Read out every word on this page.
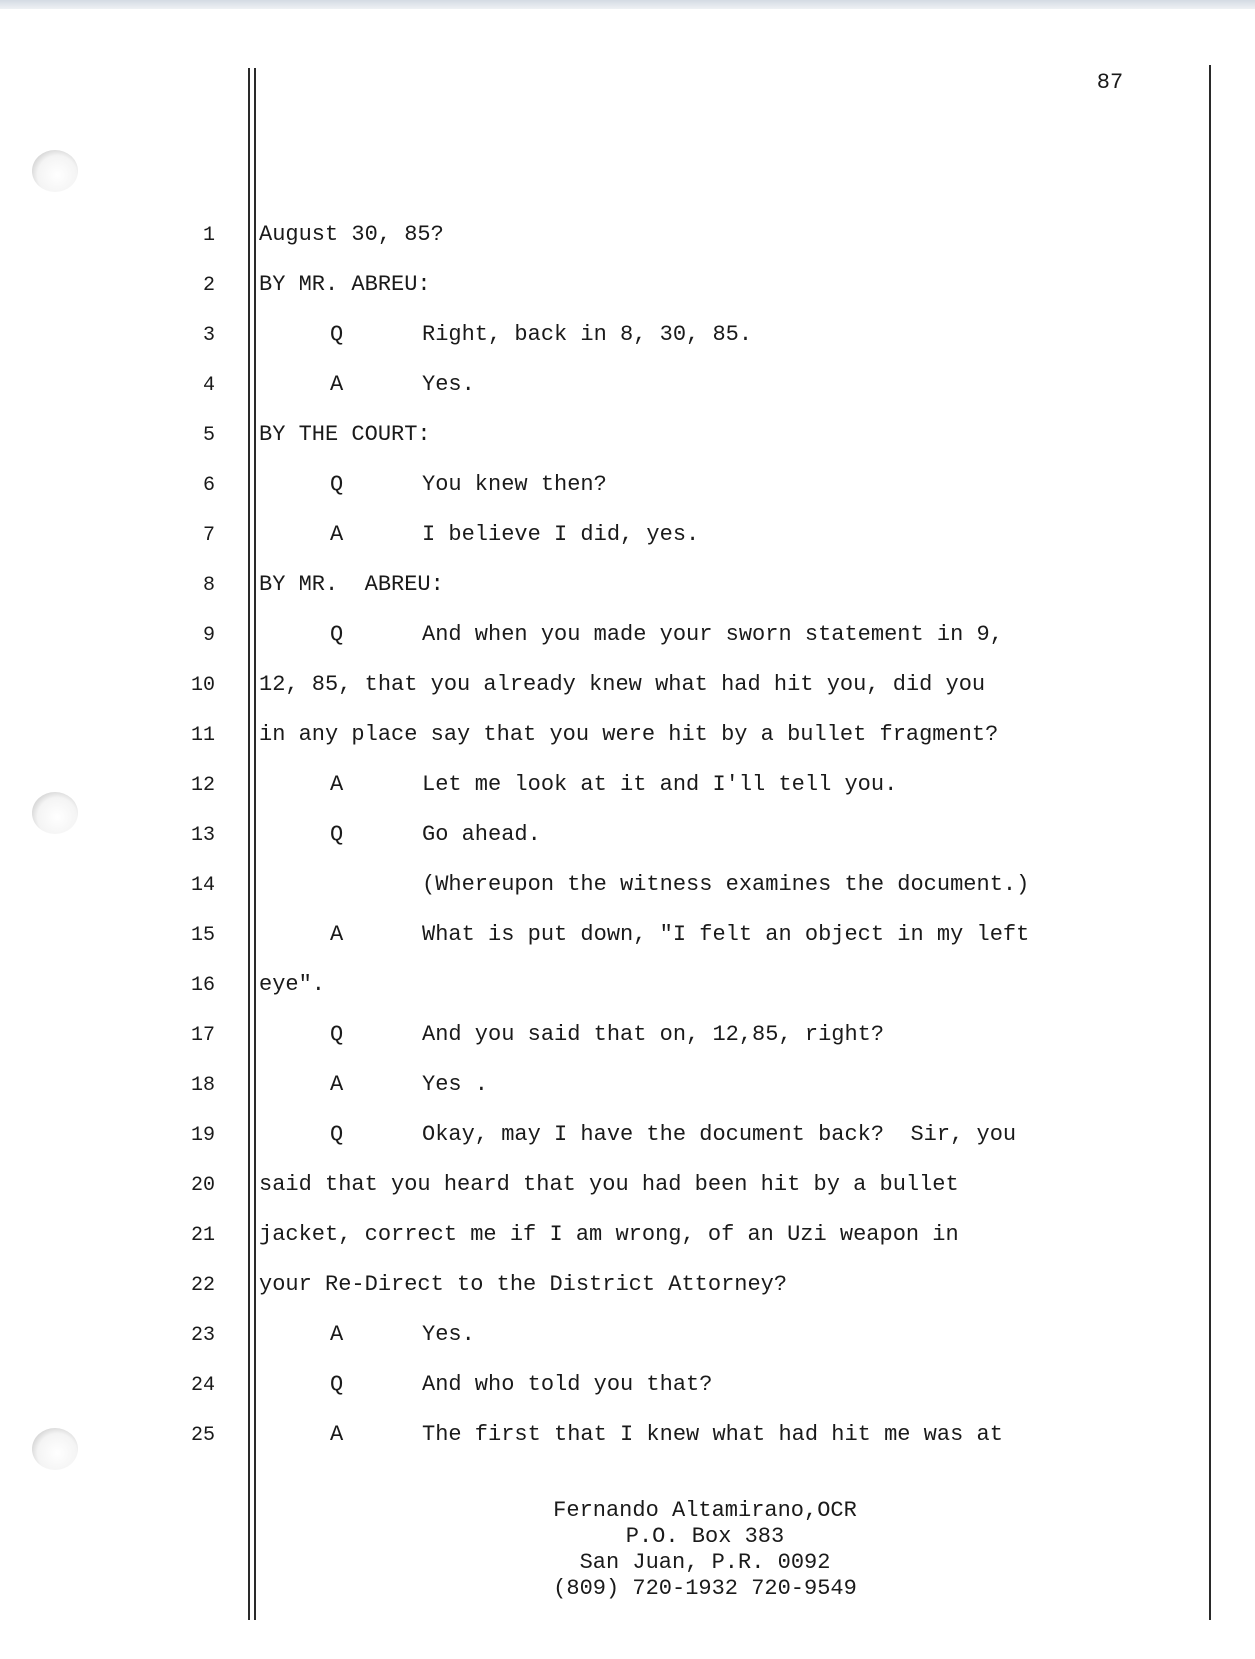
87
1 August 30, 85?
2 BY MR. ABREU:
3	Q	Right, back in 8, 30, 85.
4	A	Yes.
5 BY THE COURT:
6	Q	You knew then?
7	A	I believe I did, yes.
8 BY MR.  ABREU:
9	Q	And when you made your sworn statement in 9,
10 12, 85, that you already knew what had hit you, did you
11 in any place say that you were hit by a bullet fragment?
12	A	Let me look at it and I'll tell you.
13	Q	Go ahead.
14	(Whereupon the witness examines the document.)
15	A	What is put down, "I felt an object in my left
16 eye".
17	Q	And you said that on, 12,85, right?
18	A	Yes .
19	Q	Okay, may I have the document back?  Sir, you
20 said that you heard that you had been hit by a bullet
21 jacket, correct me if I am wrong, of an Uzi weapon in
22 your Re-Direct to the District Attorney?
23	A	Yes.
24	Q	And who told you that?
25	A	The first that I knew what had hit me was at
Fernando Altamirano,OCR
P.O. Box 383
San Juan, P.R. 0092
(809) 720-1932 720-9549
